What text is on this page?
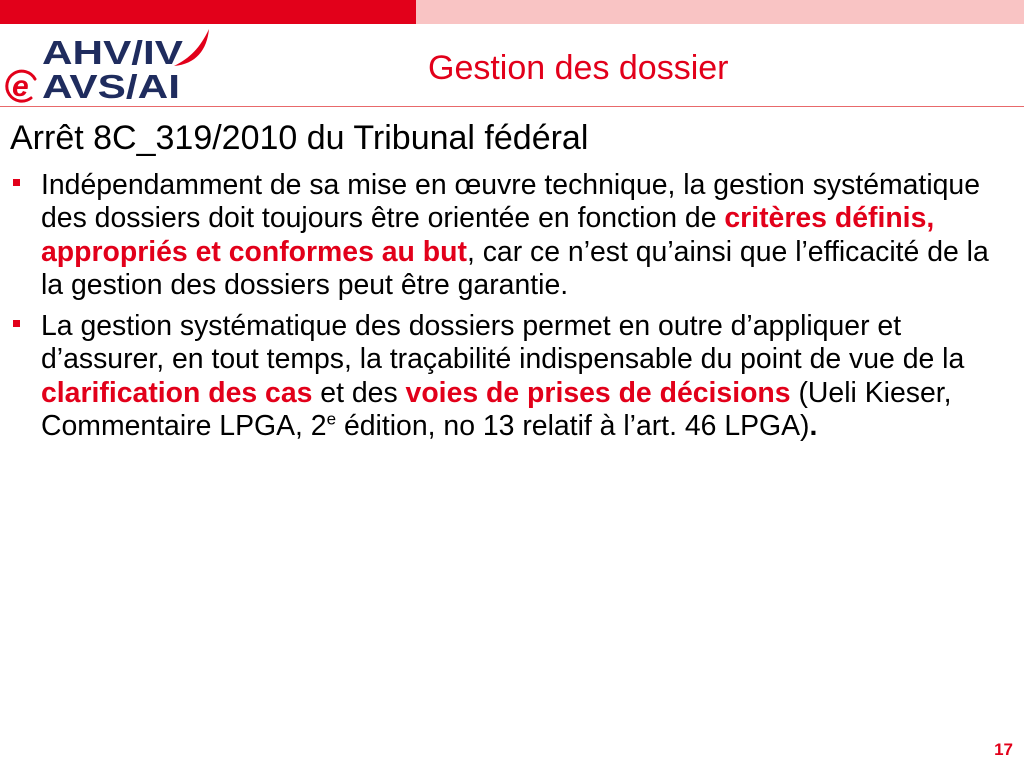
AHV/IV
AVS/AI
e	Gestion des dossier
Arrêt 8C_319/2010 du Tribunal fédéral
Indépendamment de sa mise en œuvre technique, la gestion systématique des dossiers doit toujours être orientée en fonction de critères définis, appropriés et conformes au but, car ce n’est qu’ainsi que l’efficacité de la la gestion des dossiers peut être garantie.
La gestion systématique des dossiers permet en outre d’appliquer et d’assurer, en tout temps, la traçabilité indispensable du point de vue de la clarification des cas et des voies de prises de décisions (Ueli Kieser, Commentaire LPGA, 2e édition, no 13 relatif à l’art. 46 LPGA).
17
